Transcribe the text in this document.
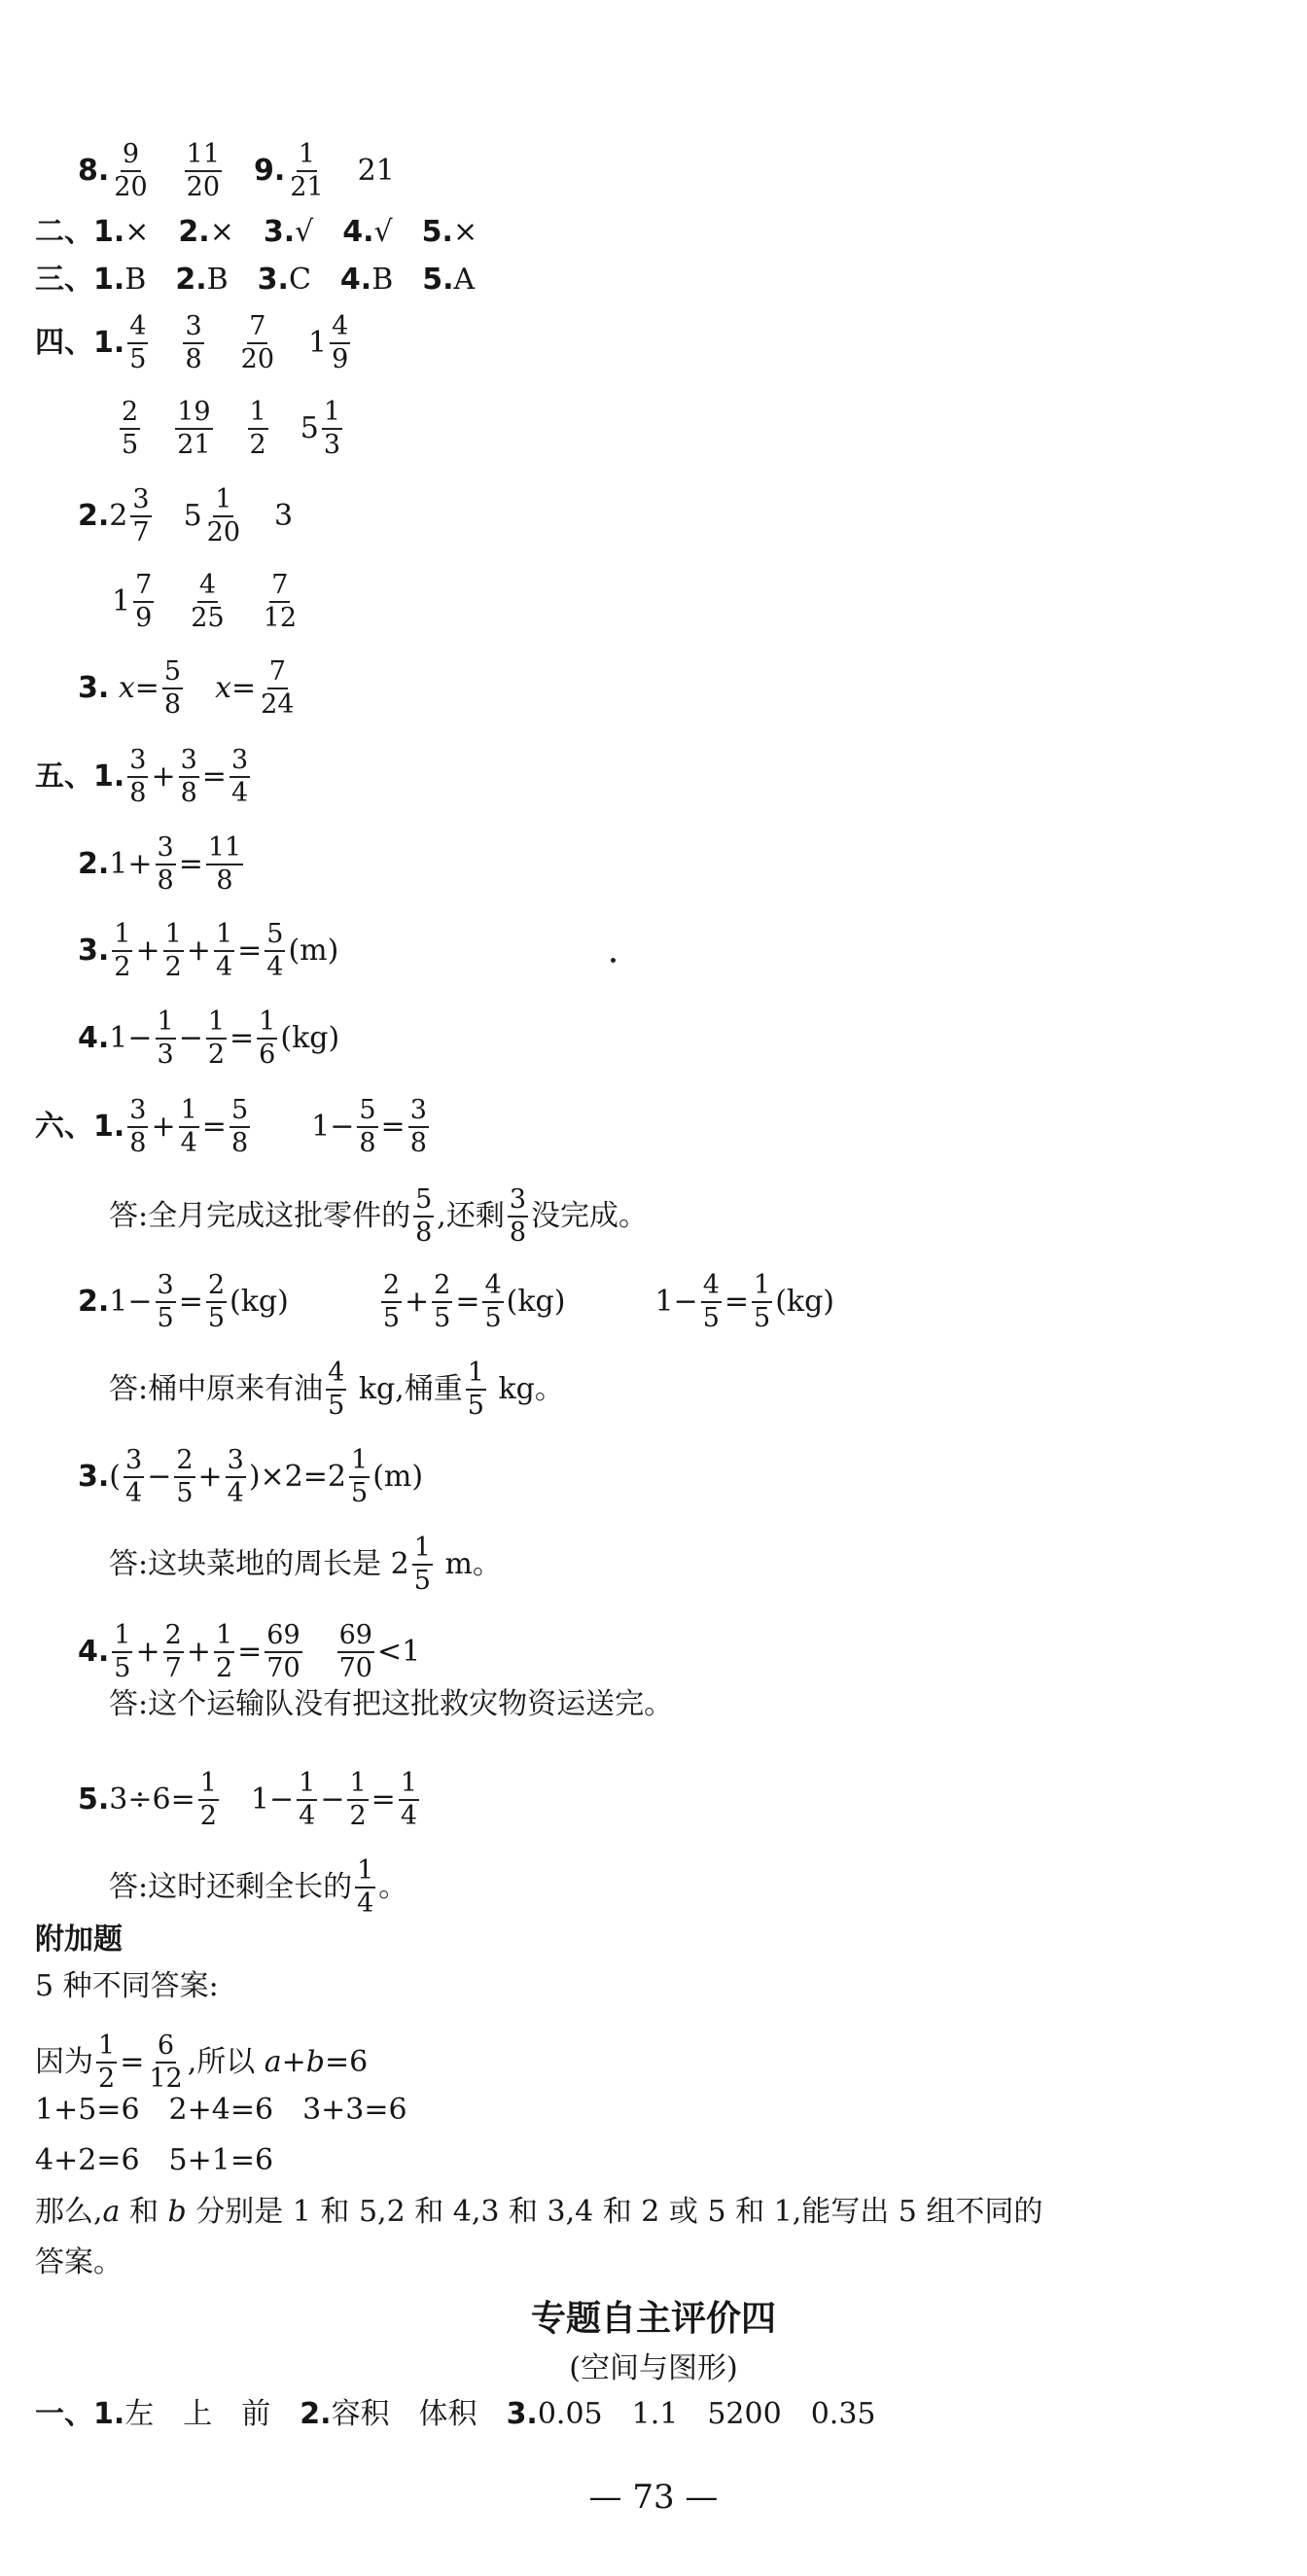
8. $\frac{9}{20} \frac{11}{20} 9$. $\frac{1}{21} 21$
二、1. × 2. × 3. √ 4. √ 5. ×
三、1. B 2. B 3. C 4. B 5. A
四、1. $\frac{4}{5} \frac{3}{8} \frac{7}{20} 1 \frac{4}{9}$
$\frac{2}{5} \frac{19}{21} \frac{1}{2} 5 \frac{1}{3}$
2. $2 \frac{3}{7} 5 \frac{1}{20} 3$
$1 \frac{7}{9} \frac{4}{25} \frac{7}{12}$
3.
$x = \frac{5}{8}$ $x = \frac{7}{24}$
五、1. $\frac{3}{8} + \frac{3}{8} = \frac{3}{4}$
2. $1+ \frac{3}{8} = \frac{11}{8}$
3. $\frac{1}{2} + \frac{1}{2} + \frac{1}{4} = \frac{5}{4} (m)$
4. $1- \frac{1}{3} - \frac{1}{2} = \frac{1}{6} (kg)$
六、1. $\frac{3}{8} + \frac{1}{4} = \frac{5}{8} 1- \frac{5}{8} = \frac{3}{8}$
答:全月完成这批零件的 $\frac{5}{8}$ ,还剩 $\frac{3}{8}$ 没完成。
2. $1- \frac{3}{5} = \frac{2}{5} (kg)$	$\frac{2}{5} + \frac{2}{5} = \frac{4}{5} (kg)$	$1- \frac{4}{5} = \frac{1}{5} (kg)$
答:桶中原来有油 $\frac{4}{5}$
kg,桶重 $\frac{1}{5}$
kg。
3. ( $\frac{3}{4} - \frac{2}{5} + \frac{3}{4} )\times 2=2 \frac{1}{5} (m)$
答:这块菜地的周长是 $2 \frac{1}{5}$
m。
4. $\frac{1}{5} + \frac{2}{7} + \frac{1}{2} = \frac{69}{70} \frac{69}{70} <1$
答:这个运输队没有把这批救灾物资运送完。
5. $3\div 6= \frac{1}{2} 1- \frac{1}{4} - \frac{1}{2} = \frac{1}{4}$
答:这时还剩全长的 $\frac{1}{4}$ 。
附加题
5 种不同答案:
因为 $\frac{1}{2} = \frac{6}{12}$ ,所以 a + b =6
1+5=6　2+4=6　3+3=6
4+2=6　5+1=6
那么, a 和 b 分别是 1 和 5,2 和 4,3 和 3,4 和 2 或 5 和 1,能写出 5 组不同的
答案。
专题自主评价四
(空间与图形)
一、1. 左　上　前 2. 容积　体积 3. 0.05　1.1　5200　0.35
— 73 —
